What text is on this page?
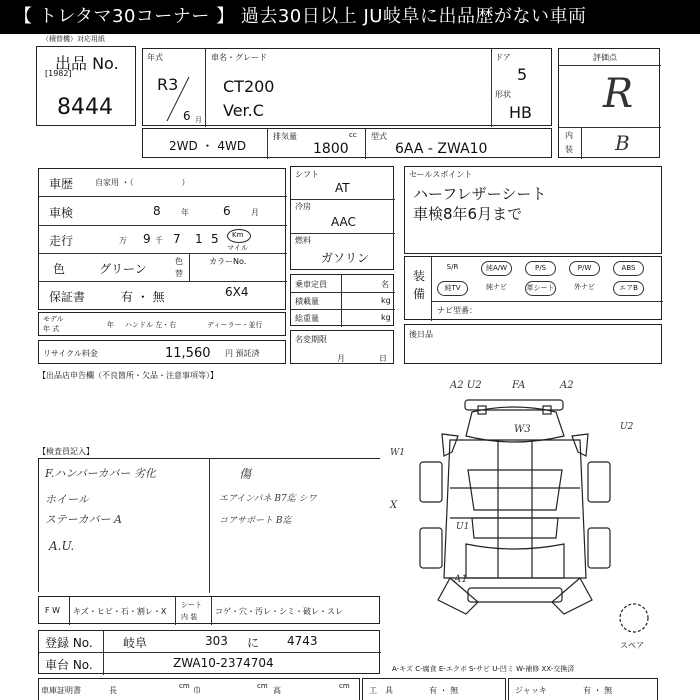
【 トレタマ30コーナー 】 過去30日以上 JU岐阜に出品歴がない車両
（積替機）対応用紙
出品 No.
[1982]
8444
年式
R3
6 月
車名・グレード
CT200
Ver.C
ドア
5
形状
HB
2WD ・ 4WD
排気量	cc
1800
型式
6AA - ZWA10
評価点
R
内
装 B
車歴	自家用 ・（　　　　　　）
車検	8	年	6	月
走行	万 9 千 7 1 5 Km
マイル
色	グリーン
色
替
カラーNo.
6X4
保証書	有 ・ 無
モデル
年 式	年 ハンドル 左・右	ディーラー・並行
リサイクル料金	11,560 円 預託済
シフト
AT
冷房
AAC
燃料
ガソリン
乗車定員	名
積載量	kg
総重量	kg
名変期限
月	日
セールスポイント
ハーフレザーシート
車検8年6月まで
装
備
S/R	純A/W	P/S	P/W	ABS
純TV	純ナビ	革シート	外ナビ	エアB
ナビ型番：
後日品
【出品店申告欄（不良箇所・欠品・注意事項等）】
【検査員記入】
F.ハンパーカバー 劣化
ホイール
ステーカバー A
A.U.
傷
エアインパネ B7迄 シワ
コアサポート B迄
A2 U2	FA	A2
W3	U2
W1
U1
A1
X
スペア
F W キズ・ヒビ・石・割レ・X
シート
内 装
コゲ・穴・汚レ・シミ・破レ・スレ
登録 No.	岐阜	303 に 4743
車台 No.	ZWA10-2374704	A-キズ C-腐食 E-エクボ S-サビ U-凹ミ W-補修 XX-交換済
車庫証明書	長	cm 巾	cm 高	cm 工　具	有 ・ 無	ジャッキ	有 ・ 無
